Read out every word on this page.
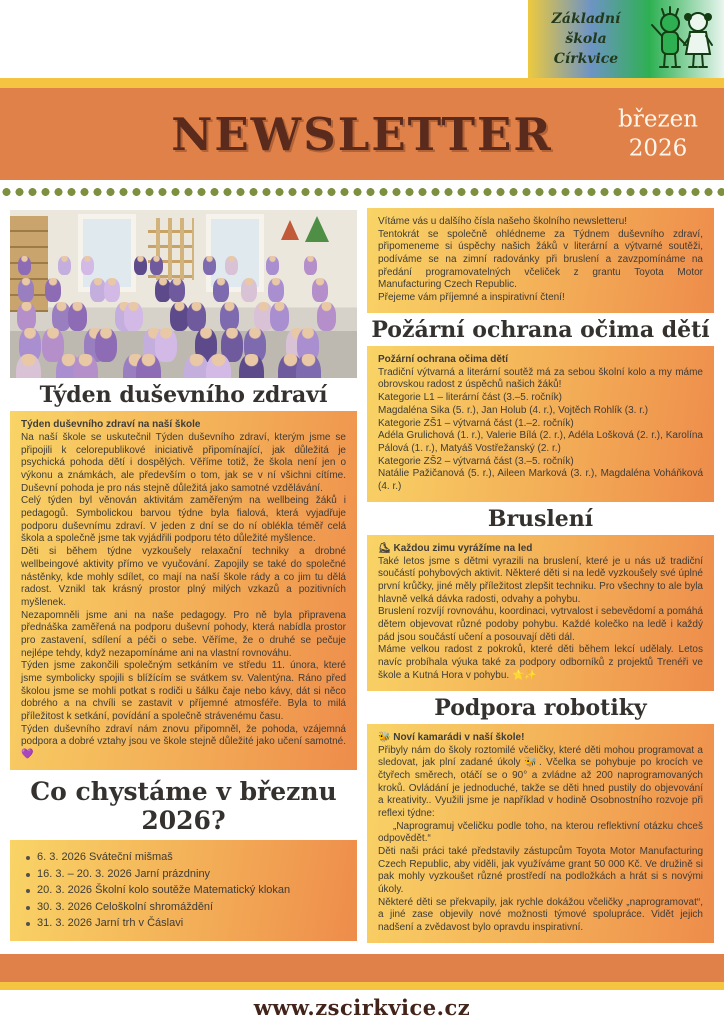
Základní
škola
Církvice
NEWSLETTER	březen
2026
Týden duševního zdraví

Týden duševního zdraví na naší škole

Na naší škole se uskutečnil Týden duševního zdraví, kterým jsme se připojili k celorepublikové iniciativě připomínající, jak důležitá je psychická pohoda dětí i dospělých. Věříme totiž, že škola není jen o výkonu a známkách, ale především o tom, jak se v ní všichni cítíme. Duševní pohoda je pro nás stejně důležitá jako samotné vzdělávání.

Celý týden byl věnován aktivitám zaměřeným na wellbeing žáků i pedagogů. Symbolickou barvou týdne byla fialová, která vyjadřuje podporu duševnímu zdraví. V jeden z dní se do ní oblékla téměř celá škola a společně jsme tak vyjádřili podporu této důležité myšlence.

Děti si během týdne vyzkoušely relaxační techniky a drobné wellbeingové aktivity přímo ve vyučování. Zapojily se také do společné nástěnky, kde mohly sdílet, co mají na naší škole rády a co jim tu dělá radost. Vznikl tak krásný prostor plný milých vzkazů a pozitivních myšlenek.

Nezapomněli jsme ani na naše pedagogy. Pro ně byla připravena přednáška zaměřená na podporu duševní pohody, která nabídla prostor pro zastavení, sdílení a péči o sebe. Věříme, že o druhé se pečuje nejlépe tehdy, když nezapomínáme ani na vlastní rovnováhu.

Týden jsme zakončili společným setkáním ve středu 11. února, které jsme symbolicky spojili s blížícím se svátkem sv. Valentýna. Ráno před školou jsme se mohli potkat s rodiči u šálku čaje nebo kávy, dát si něco dobrého a na chvíli se zastavit v příjemné atmosféře. Byla to milá příležitost k setkání, povídání a společně strávenému času.

Týden duševního zdraví nám znovu připomněl, že pohoda, vzájemná podpora a dobré vztahy jsou ve škole stejně důležité jako učení samotné. 💜

Co chystáme v březnu 2026?
6. 3. 2026 Sváteční mišmaš
16. 3. – 20. 3. 2026 Jarní prázdniny
20. 3. 2026 Školní kolo soutěže Matematický klokan
30. 3. 2026 Celoškolní shromáždění
31. 3. 2026 Jarní trh v Čáslavi

Vítáme vás u dalšího čísla našeho školního newsletteru!

Tentokrát se společně ohlédneme za Týdnem duševního zdraví, připomeneme si úspěchy našich žáků v literární a výtvarné soutěži, podíváme se na zimní radovánky při bruslení a zavzpomínáme na předání programovatelných včeliček z grantu Toyota Motor Manufacturing Czech Republic.

Přejeme vám příjemné a inspirativní čtení!

Požární ochrana očima dětí

Požární ochrana očima dětí

Tradiční výtvarná a literární soutěž má za sebou školní kolo a my máme obrovskou radost z úspěchů našich žáků!

Kategorie L1 – literární část (3.–5. ročník)

Magdaléna Sika (5. r.), Jan Holub (4. r.), Vojtěch Rohlík (3. r.)

Kategorie ZŠ1 – výtvarná část (1.–2. ročník)

Adéla Grulichová (1. r.), Valerie Bílá (2. r.), Adéla Lošková (2. r.), Karolína Pálová (1. r.), Matyáš Vostřežanský (2. r.)

Kategorie ZŠ2 – výtvarná část (3.–5. ročník)

Natálie Pažičanová (5. r.), Aileen Marková (3. r.), Magdaléna Voháňková (4. r.)

Bruslení

⛸ Každou zimu vyrážíme na led

Také letos jsme s dětmi vyrazili na bruslení, které je u nás už tradiční součástí pohybových aktivit. Některé děti si na ledě vyzkoušely své úplné první krůčky, jiné měly příležitost zlepšit techniku. Pro všechny to ale byla hlavně velká dávka radosti, odvahy a pohybu.

Bruslení rozvíjí rovnováhu, koordinaci, vytrvalost i sebevědomí a pomáhá dětem objevovat různé podoby pohybu. Každé kolečko na ledě i každý pád jsou součástí učení a posouvají děti dál.

Máme velkou radost z pokroků, které děti během lekcí udělaly. Letos navíc probíhala výuka také za podpory odborníků z projektů Trenéři ve škole a Kutná Hora v pohybu. ⭐✨

Podpora robotiky

🐝 Noví kamarádi v naší škole!

Přibyly nám do školy roztomilé včeličky, které děti mohou programovat a sledovat, jak plní zadané úkoly 🐝. Včelka se pohybuje po krocích ve čtyřech směrech, otáčí se o 90° a zvládne až 200 naprogramovaných kroků. Ovládání je jednoduché, takže se děti hned pustily do objevování a kreativity.. Využili jsme je například v hodině Osobnostního rozvoje při reflexi týdne:

„Naprogramuj včeličku podle toho, na kterou reflektivní otázku chceš odpovědět.“

Děti naši práci také představily zástupcům Toyota Motor Manufacturing Czech Republic, aby viděli, jak využíváme grant 50 000 Kč. Ve družině si pak mohly vyzkoušet různé prostředí na podložkách a hrát si s novými úkoly.

Některé děti se překvapily, jak rychle dokážou včeličky „naprogramovat“, a jiné zase objevily nové možnosti týmové spolupráce. Vidět jejich nadšení a zvědavost bylo opravdu inspirativní.

www.zscirkvice.cz
